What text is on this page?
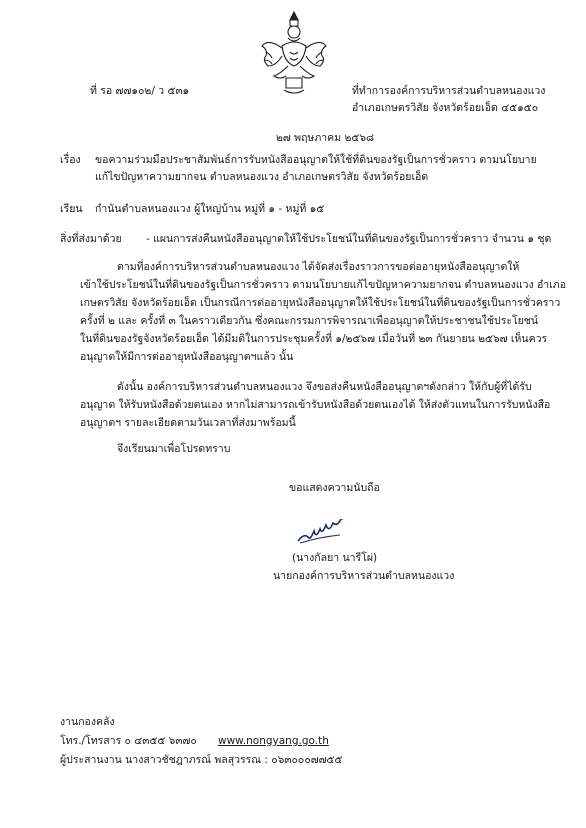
ที่ รอ ๗๗๑๐๒/ ว ๕๓๑	ที่ทำการองค์การบริหารส่วนตำบลหนองแวง
อำเภอเกษตรวิสัย จังหวัดร้อยเอ็ด ๔๕๑๕๐
๒๗ พฤษภาคม ๒๕๖๘
เรื่อง ขอความร่วมมือประชาสัมพันธ์การรับหนังสืออนุญาตให้ใช้ที่ดินของรัฐเป็นการชั่วคราว ตามนโยบาย
แก้ไขปัญหาความยากจน ตำบลหนองแวง อำเภอเกษตรวิสัย จังหวัดร้อยเอ็ด
เรียน กำนันตำบลหนองแวง ผู้ใหญ่บ้าน หมู่ที่ ๑ - หมู่ที่ ๑๕
สิ่งที่ส่งมาด้วย - แผนการส่งคืนหนังสืออนุญาตให้ใช้ประโยชน์ในที่ดินของรัฐเป็นการชั่วคราว จำนวน ๑ ชุด
ตามที่องค์การบริหารส่วนตำบลหนองแวง ได้จัดส่งเรื่องราวการขอต่ออายุหนังสืออนุญาตให้
เข้าใช้ประโยชน์ในที่ดินของรัฐเป็นการชั่วคราว ตามนโยบายแก้ไขปัญหาความยากจน ตำบลหนองแวง อำเภอ
เกษตรวิสัย จังหวัดร้อยเอ็ด เป็นกรณีการต่ออายุหนังสืออนุญาตให้ใช้ประโยชน์ในที่ดินของรัฐเป็นการชั่วคราว
ครั้งที่ ๒ และ ครั้งที่ ๓ ในคราวเดียวกัน ซึ่งคณะกรรมการพิจารณาเพื่ออนุญาตให้ประชาชนใช้ประโยชน์
ในที่ดินของรัฐจังหวัดร้อยเอ็ด ได้มีมติในการประชุมครั้งที่ ๑/๒๕๖๗ เมื่อวันที่ ๒๓ กันยายน ๒๕๖๗ เห็นควร
อนุญาตให้มีการต่ออายุหนังสืออนุญาตฯแล้ว นั้น
ดังนั้น องค์การบริหารส่วนตำบลหนองแวง จึงขอส่งคืนหนังสืออนุญาตฯดังกล่าว ให้กับผู้ที่ได้รับ
อนุญาต ให้รับหนังสือด้วยตนเอง หากไม่สามารถเข้ารับหนังสือด้วยตนเองได้ ให้ส่งตัวแทนในการรับหนังสือ
อนุญาตฯ รายละเอียดตามวันเวลาที่ส่งมาพร้อมนี้
จึงเรียนมาเพื่อโปรดทราบ
ขอแสดงความนับถือ
(นางกัลยา นารีโผ่)
นายกองค์การบริหารส่วนตำบลหนองแวง
งานกองคลัง
โทร./โทรสาร ๐ ๔๓๕๕ ๖๓๗๐ www.nongyang.go.th
ผู้ประสานงาน นางสาวชัชฎาภรณ์ พลสุวรรณ : ๐๖๓๐๐๐๗๗๕๕
